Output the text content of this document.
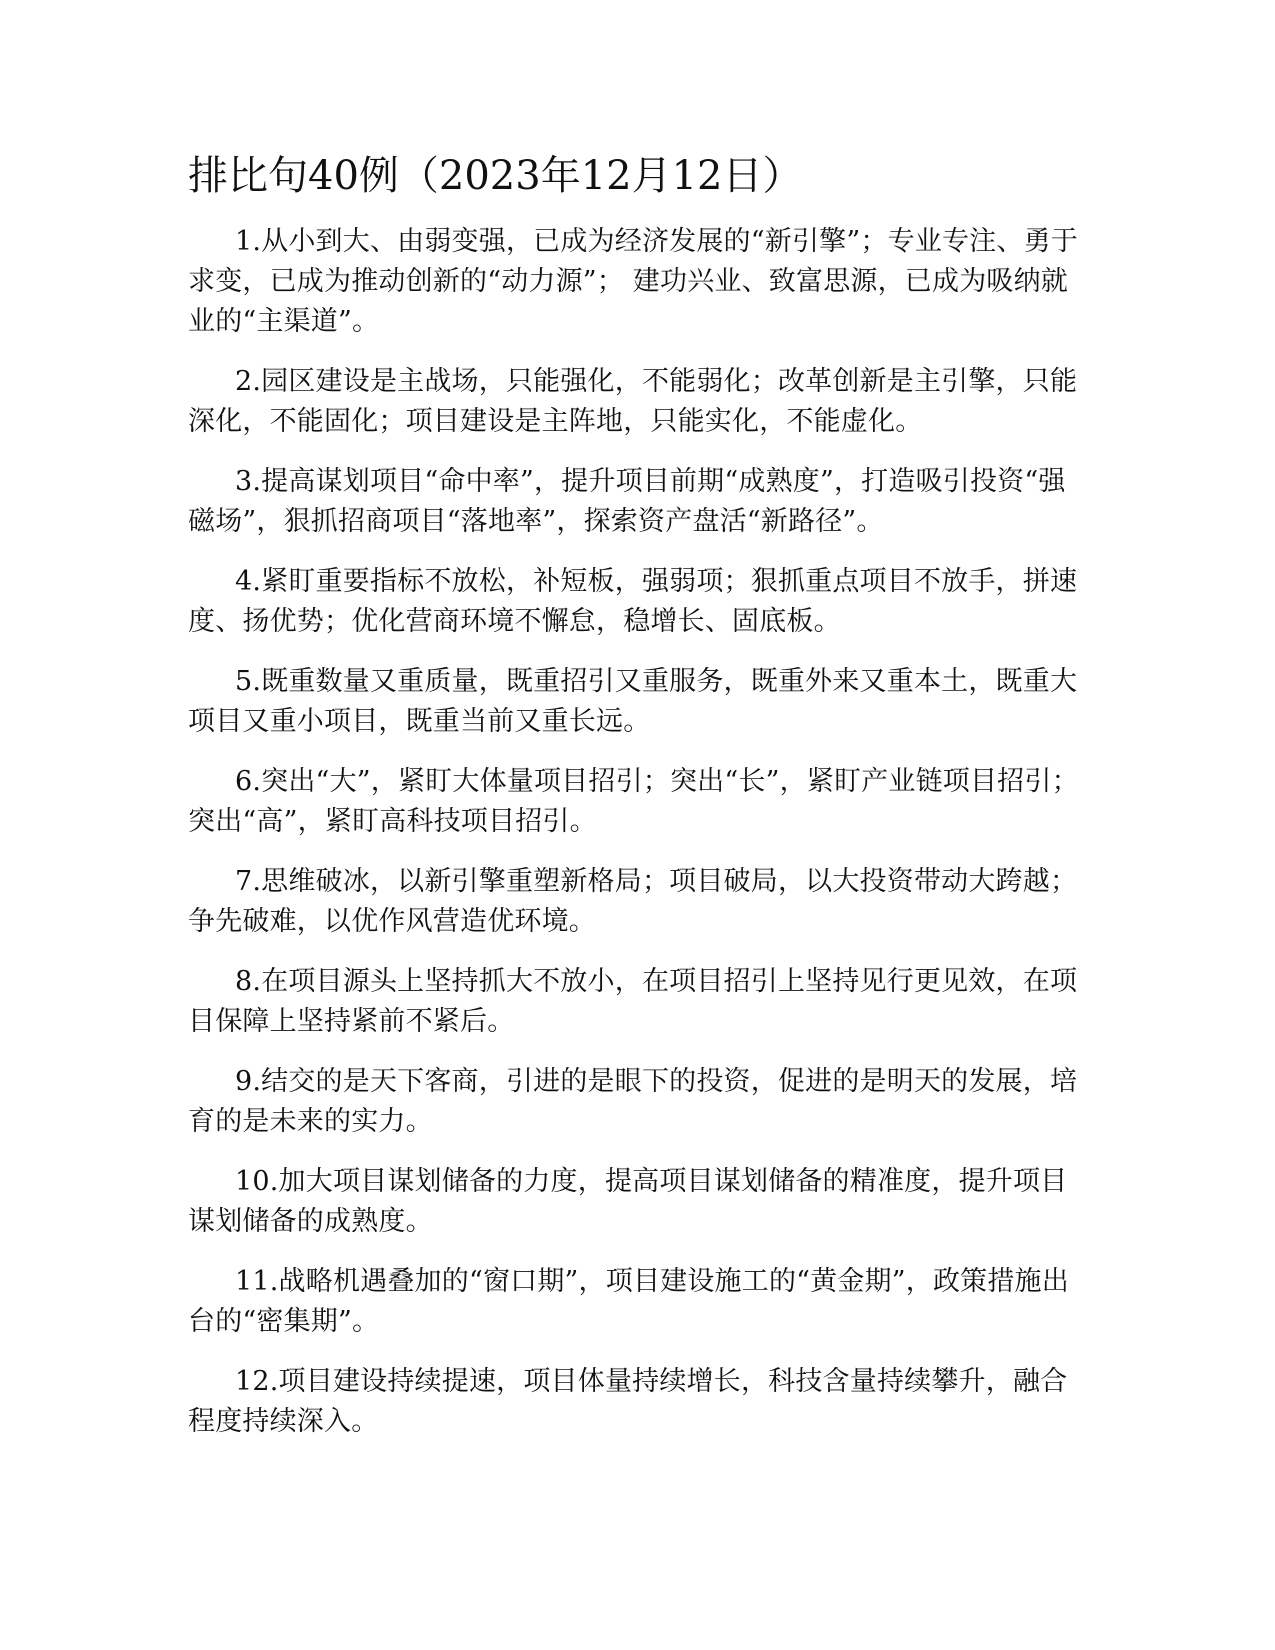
排比句40例（2023年12月12日）

1.从小到大、由弱变强，已成为经济发展的“新引擎”；专业专注、勇于求变，已成为推动创新的“动力源”； 建功兴业、致富思源，已成为吸纳就业的“主渠道”。

2.园区建设是主战场，只能强化，不能弱化；改革创新是主引擎，只能深化，不能固化；项目建设是主阵地，只能实化，不能虚化。

3.提高谋划项目“命中率”，提升项目前期“成熟度”，打造吸引投资“强磁场”，狠抓招商项目“落地率”，探索资产盘活“新路径”。

4.紧盯重要指标不放松，补短板，强弱项；狠抓重点项目不放手，拼速度、扬优势；优化营商环境不懈怠，稳增长、固底板。

5.既重数量又重质量，既重招引又重服务，既重外来又重本土，既重大项目又重小项目，既重当前又重长远。

6.突出“大”，紧盯大体量项目招引；突出“长”，紧盯产业链项目招引；突出“高”，紧盯高科技项目招引。

7.思维破冰，以新引擎重塑新格局；项目破局，以大投资带动大跨越；争先破难，以优作风营造优环境。

8.在项目源头上坚持抓大不放小，在项目招引上坚持见行更见效，在项目保障上坚持紧前不紧后。

9.结交的是天下客商，引进的是眼下的投资，促进的是明天的发展，培育的是未来的实力。

10.加大项目谋划储备的力度，提高项目谋划储备的精准度，提升项目谋划储备的成熟度。

11.战略机遇叠加的“窗口期”，项目建设施工的“黄金期”，政策措施出台的“密集期”。

12.项目建设持续提速，项目体量持续增长，科技含量持续攀升，融合程度持续深入。
